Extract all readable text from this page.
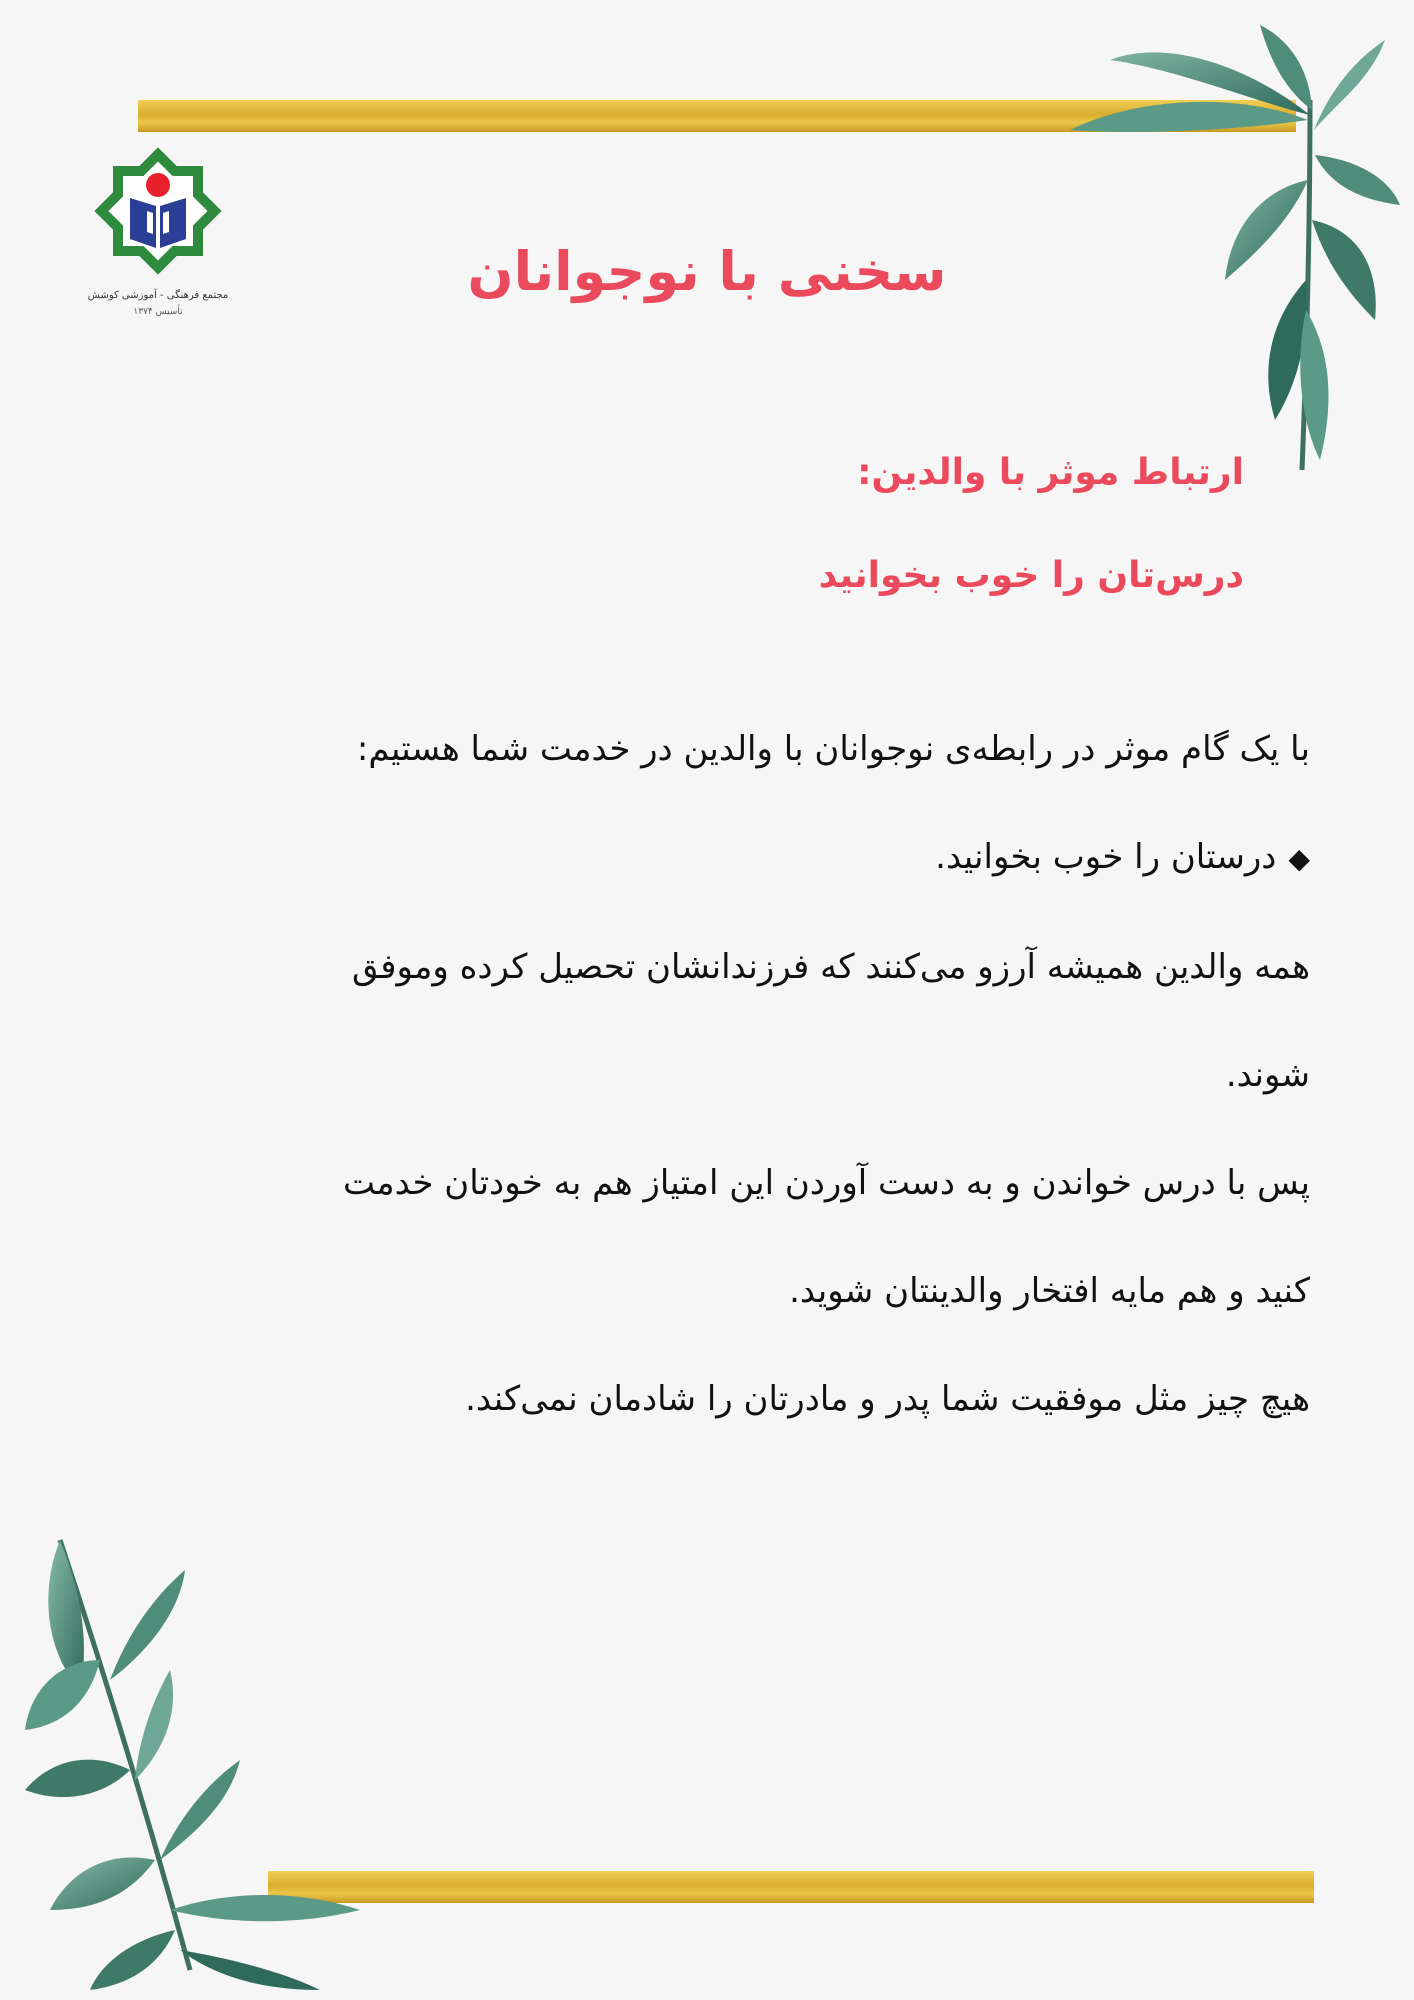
مجتمع فرهنگی - آموزشی کوشش
تأسیس ۱۳۷۴
سخنی با نوجوانان
ارتباط موثر با والدین:
درس‌تان را خوب بخوانید
با یک گام موثر در رابطه‌ی نوجوانان با والدین در خدمت شما هستیم:
◆درستان را خوب بخوانید.
همه والدین همیشه آرزو می‌کنند که فرزندانشان تحصیل کرده وموفق
شوند.
پس با درس خواندن و به دست آوردن این امتیاز هم به خودتان خدمت
کنید و هم مایه افتخار والدینتان شوید.
هیچ چیز مثل موفقیت شما پدر و مادرتان را شادمان نمی‌کند.
